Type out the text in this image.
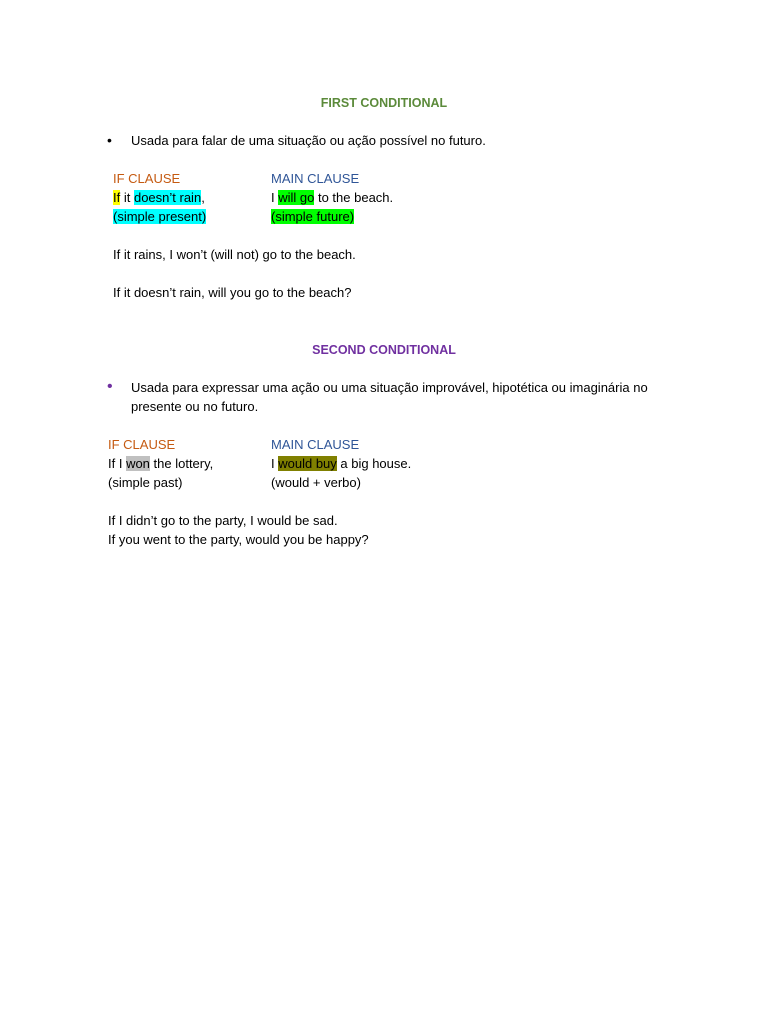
FIRST CONDITIONAL
• Usada para falar de uma situação ou ação possível no futuro.
IF CLAUSE	MAIN CLAUSE
If it doesn’t rain,	I will go to the beach.
(simple present)	(simple future)
If it rains, I won’t (will not) go to the beach.
If it doesn’t rain, will you go to the beach?
SECOND CONDITIONAL
• Usada para expressar uma ação ou uma situação improvável, hipotética ou imaginária no
presente ou no futuro.
IF CLAUSE	MAIN CLAUSE
If I won the lottery,	I would buy a big house.
(simple past)	(would + verbo)
If I didn’t go to the party, I would be sad.
If you went to the party, would you be happy?
